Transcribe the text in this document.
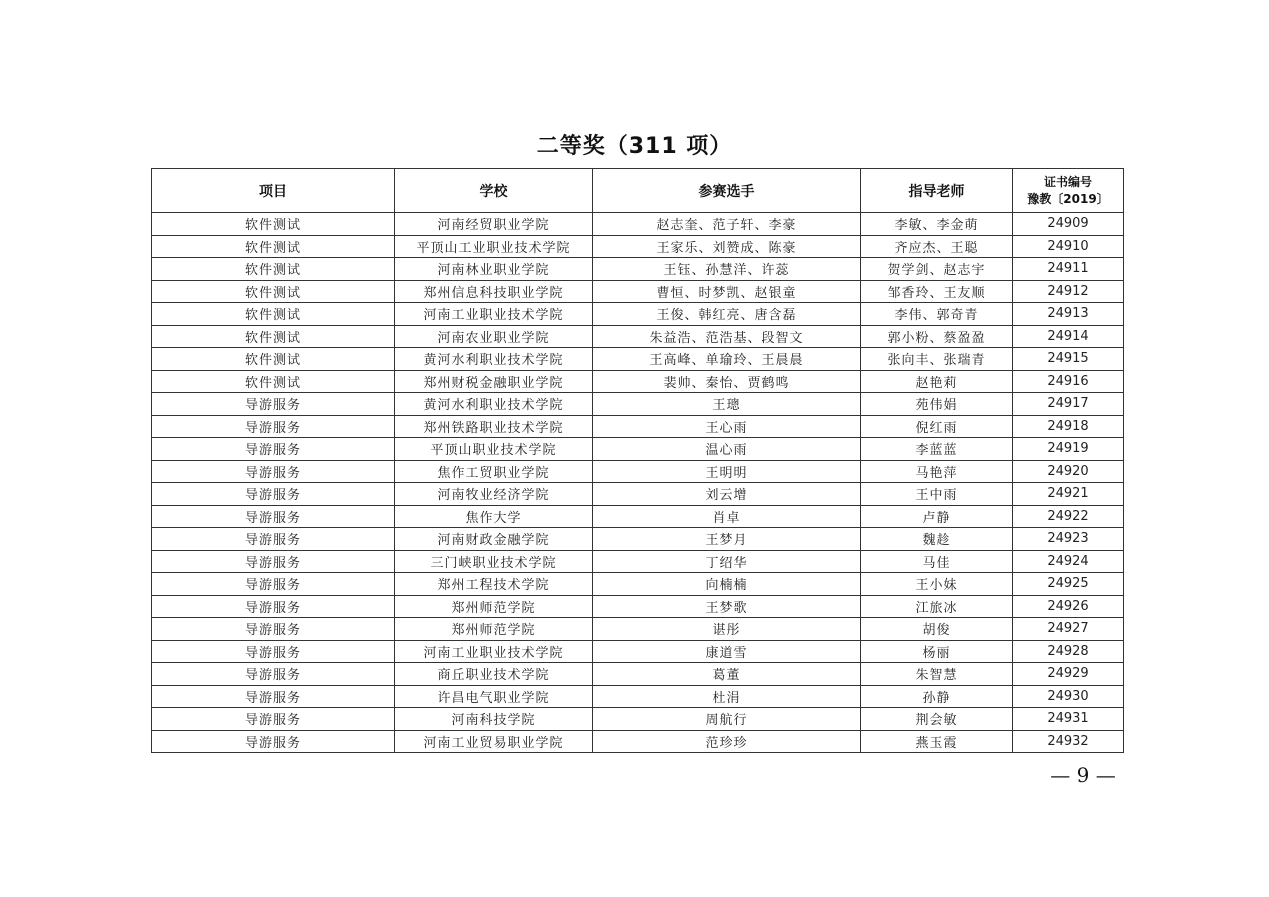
二等奖（311 项）
项目	学校	参赛选手	指导老师	证书编号
豫教〔2019〕

软件测试	河南经贸职业学院	赵志奎、范子轩、李豪	李敏、李金萌	24909
软件测试	平顶山工业职业技术学院	王家乐、刘赞成、陈豪	齐应杰、王聪	24910
软件测试	河南林业职业学院	王钰、孙慧洋、许蕊	贺学剑、赵志宇	24911
软件测试	郑州信息科技职业学院	曹恒、时梦凯、赵银童	邹香玲、王友顺	24912
软件测试	河南工业职业技术学院	王俊、韩红亮、唐含磊	李伟、郭奇青	24913
软件测试	河南农业职业学院	朱益浩、范浩基、段智文	郭小粉、蔡盈盈	24914
软件测试	黄河水利职业技术学院	王高峰、单瑜玲、王晨晨	张向丰、张瑞青	24915
软件测试	郑州财税金融职业学院	裴帅、秦怡、贾鹤鸣	赵艳莉	24916
导游服务	黄河水利职业技术学院	王璁	苑伟娟	24917
导游服务	郑州铁路职业技术学院	王心雨	倪红雨	24918
导游服务	平顶山职业技术学院	温心雨	李蓝蓝	24919
导游服务	焦作工贸职业学院	王明明	马艳萍	24920
导游服务	河南牧业经济学院	刘云增	王中雨	24921
导游服务	焦作大学	肖卓	卢静	24922
导游服务	河南财政金融学院	王梦月	魏趁	24923
导游服务	三门峡职业技术学院	丁绍华	马佳	24924
导游服务	郑州工程技术学院	向楠楠	王小妹	24925
导游服务	郑州师范学院	王梦歌	江旅冰	24926
导游服务	郑州师范学院	谌彤	胡俊	24927
导游服务	河南工业职业技术学院	康道雪	杨丽	24928
导游服务	商丘职业技术学院	葛董	朱智慧	24929
导游服务	许昌电气职业学院	杜涓	孙静	24930
导游服务	河南科技学院	周航行	荆会敏	24931
导游服务	河南工业贸易职业学院	范珍珍	燕玉霞	24932
— 9 —
